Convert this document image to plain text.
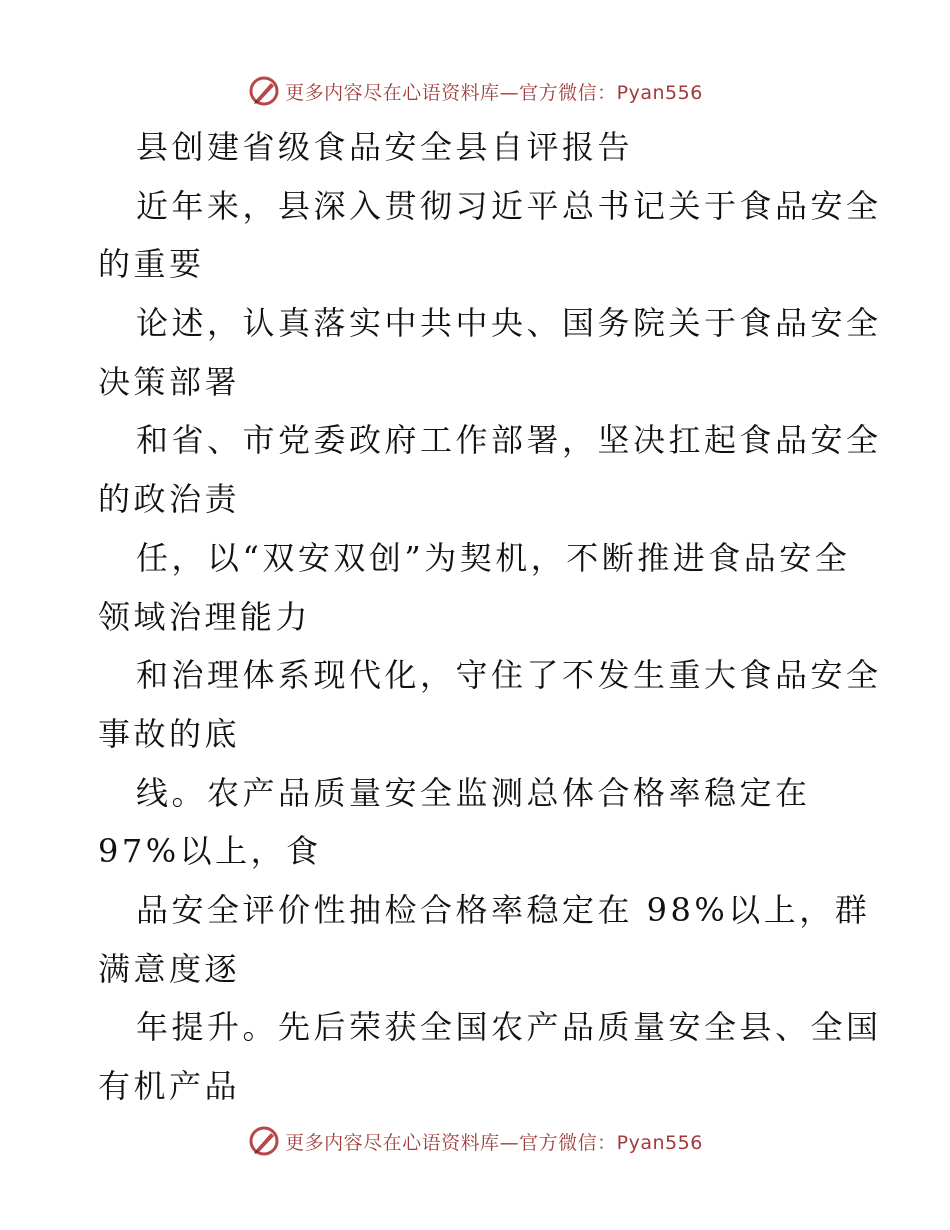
更多内容尽在心语资料库—官方微信：Pyan556
县创建省级食品安全县自评报告
近年来，县深入贯彻习近平总书记关于食品安全
的重要
论述，认真落实中共中央、国务院关于食品安全
决策部署
和省、市党委政府工作部署，坚决扛起食品安全
的政治责
任，以“双安双创”为契机，不断推进食品安全
领域治理能力
和治理体系现代化，守住了不发生重大食品安全
事故的底
线。农产品质量安全监测总体合格率稳定在
97%以上，食
品安全评价性抽检合格率稳定在 98%以上，群
满意度逐
年提升。先后荣获全国农产品质量安全县、全国
有机产品
更多内容尽在心语资料库—官方微信：Pyan556
